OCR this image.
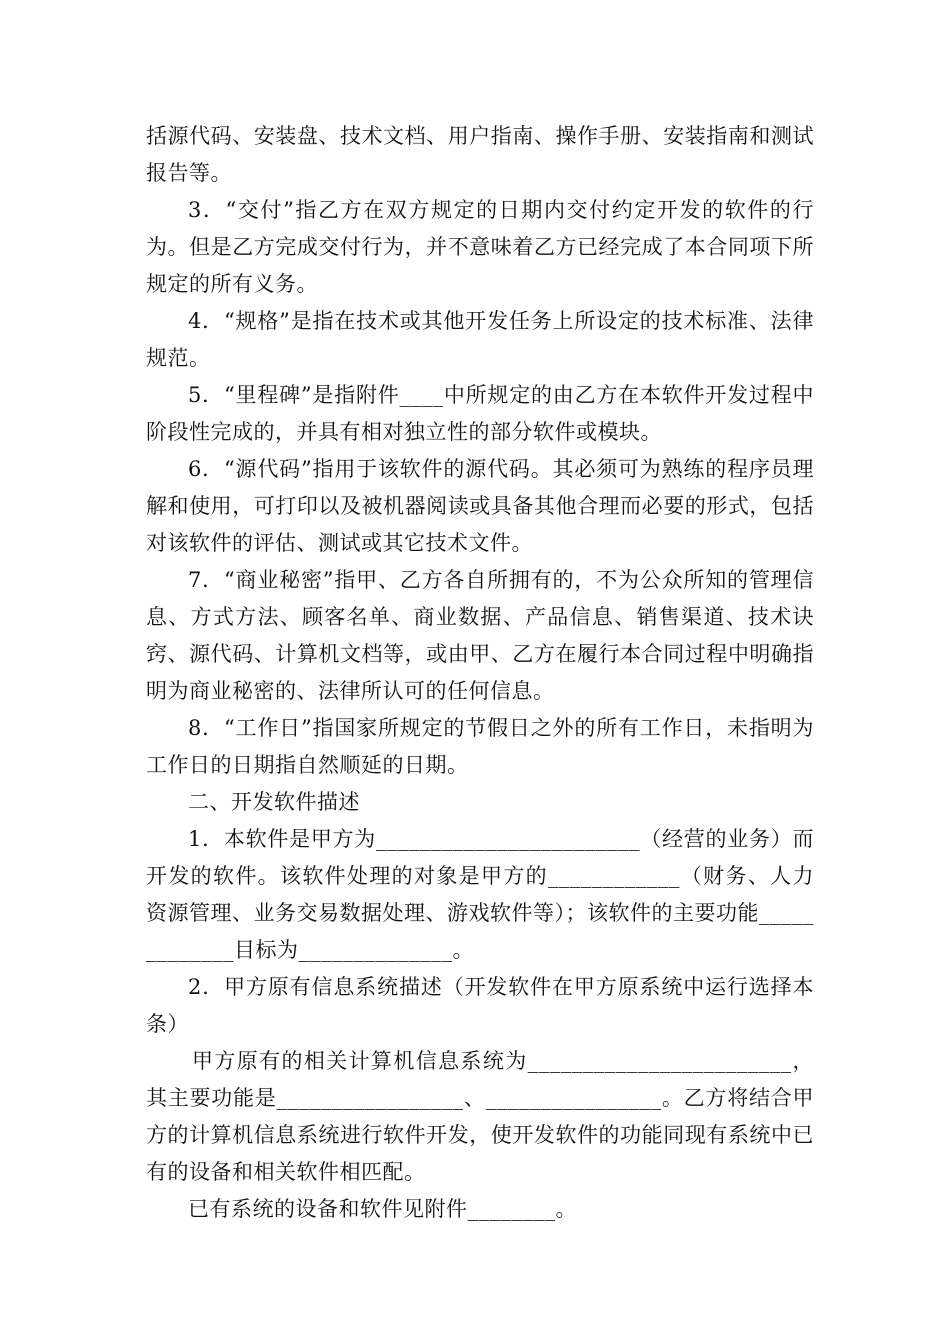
括源代码、安装盘、技术文档、用户指南、操作手册、安装指南和测试报告等。

3．“交付”指乙方在双方规定的日期内交付约定开发的软件的行为。但是乙方完成交付行为，并不意味着乙方已经完成了本合同项下所规定的所有义务。

4．“规格”是指在技术或其他开发任务上所设定的技术标准、法律规范。

5．“里程碑”是指附件____中所规定的由乙方在本软件开发过程中阶段性完成的，并具有相对独立性的部分软件或模块。

6．“源代码”指用于该软件的源代码。其必须可为熟练的程序员理解和使用，可打印以及被机器阅读或具备其他合理而必要的形式，包括对该软件的评估、测试或其它技术文件。

7．“商业秘密”指甲、乙方各自所拥有的，不为公众所知的管理信息、方式方法、顾客名单、商业数据、产品信息、销售渠道、技术诀窍、源代码、计算机文档等，或由甲、乙方在履行本合同过程中明确指明为商业秘密的、法律所认可的任何信息。

8．“工作日”指国家所规定的节假日之外的所有工作日，未指明为工作日的日期指自然顺延的日期。

二、开发软件描述

1．本软件是甲方为________________________（经营的业务）而开发的软件。该软件处理的对象是甲方的____________（财务、人力资源管理、业务交易数据处理、游戏软件等）；该软件的主要功能_____________目标为______________。

2．甲方原有信息系统描述（开发软件在甲方原系统中运行选择本条）

甲方原有的相关计算机信息系统为________________________，其主要功能是_________________、________________。乙方将结合甲方的计算机信息系统进行软件开发，使开发软件的功能同现有系统中已有的设备和相关软件相匹配。

已有系统的设备和软件见附件________。
